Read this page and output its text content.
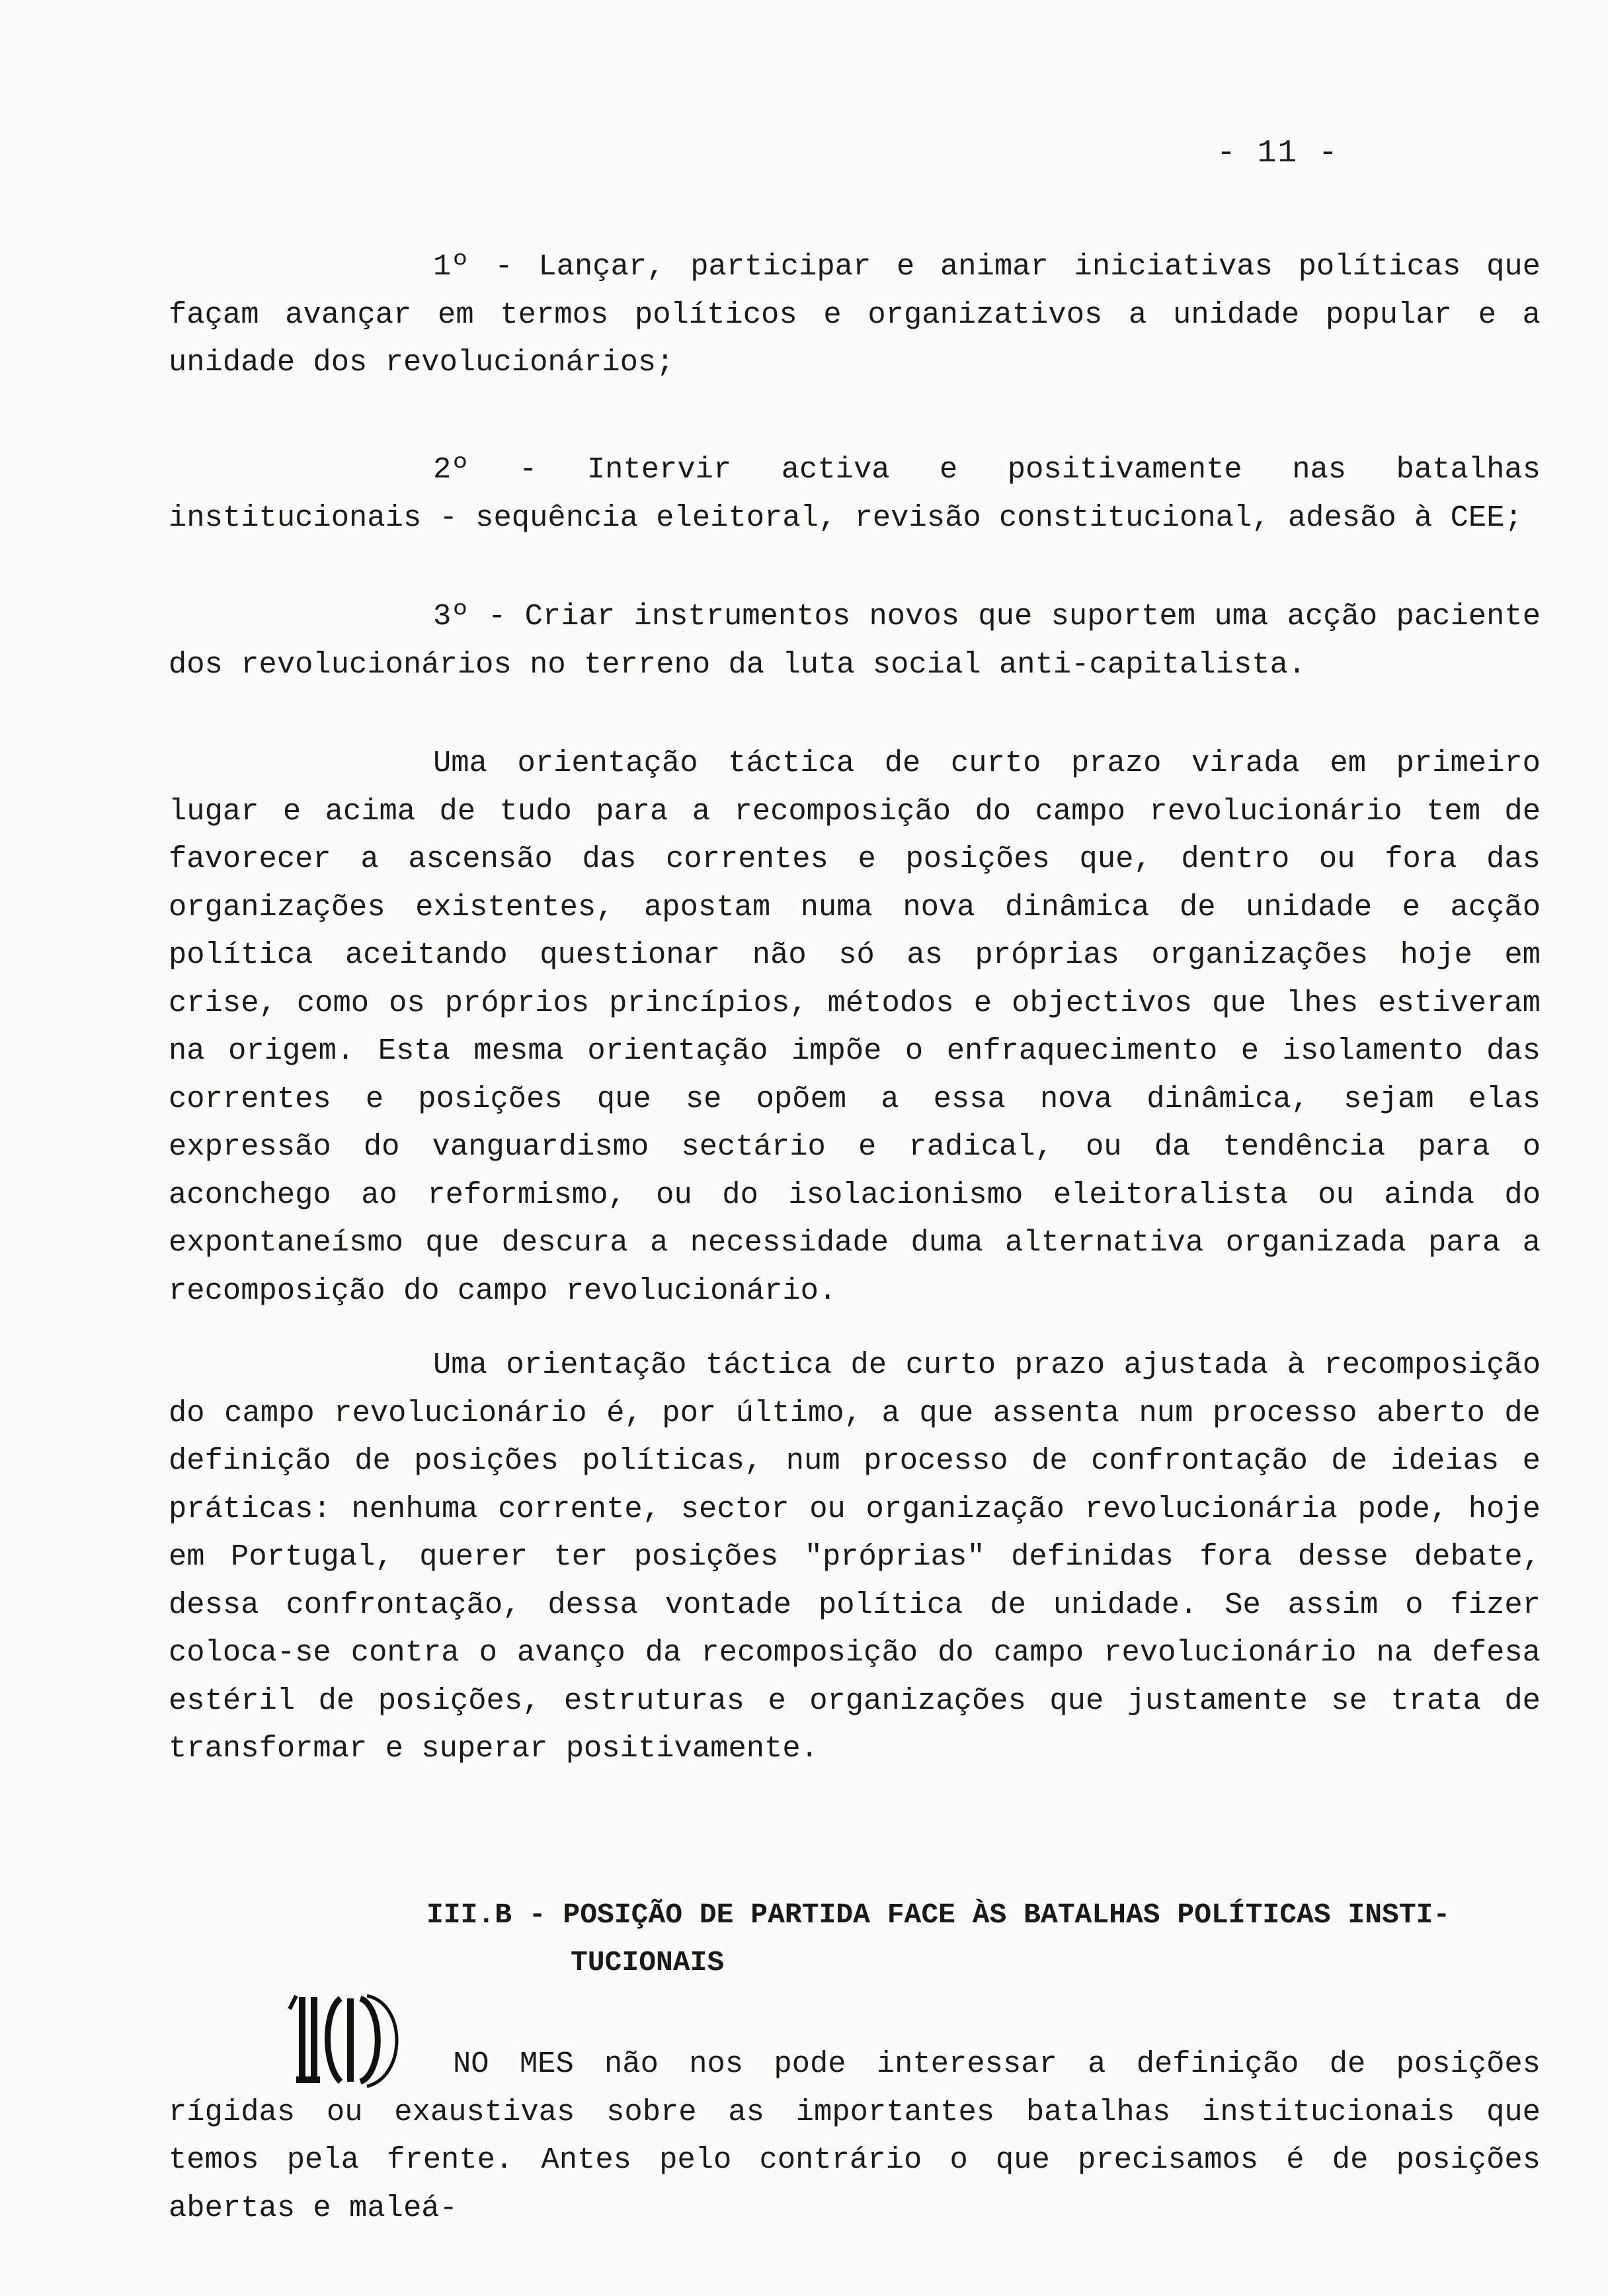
- 11 -

1º - Lançar, participar e animar iniciativas políticas que façam avançar em termos políticos e organizativos a unidade popular e a unidade dos revolucionários;

2º - Intervir activa e positivamente nas batalhas institucionais - sequência eleitoral, revisão constitucional, adesão à CEE;

3º - Criar instrumentos novos que suportem uma acção paciente dos revolucionários no terreno da luta social anti-capitalista.

Uma orientação táctica de curto prazo virada em primeiro lugar e acima de tudo para a recomposição do campo revolucionário tem de favorecer a ascensão das correntes e posições que, dentro ou fora das organizações existentes, apostam numa nova dinâmica de unidade e acção política aceitando questionar não só as próprias organizações hoje em crise, como os próprios princípios, métodos e objectivos que lhes estiveram na origem. Esta mesma orientação impõe o enfraquecimento e isolamento das correntes e posições que se opõem a essa nova dinâmica, sejam elas expressão do vanguardismo sectário e radical, ou da tendência para o aconchego ao reformismo, ou do isolacionismo eleitoralista ou ainda do expontaneísmo que descura a necessidade duma alternativa organizada para a recomposição do campo revolucionário.

Uma orientação táctica de curto prazo ajustada à recomposição do campo revolucionário é, por último, a que assenta num processo aberto de definição de posições políticas, num processo de confrontação de ideias e práticas: nenhuma corrente, sector ou organização revolucionária pode, hoje em Portugal, querer ter posições "próprias" definidas fora desse debate, dessa confrontação, dessa vontade política de unidade. Se assim o fizer coloca-se contra o avanço da recomposição do campo revolucionário na defesa estéril de posições, estruturas e organizações que justamente se trata de transformar e superar positivamente.

III.B - POSIÇÃO DE PARTIDA FACE ÀS BATALHAS POLÍTICAS INSTI-
TUCIONAIS

NO MES não nos pode interessar a definição de posições rígidas ou exaustivas sobre as importantes batalhas institucionais que temos pela frente. Antes pelo contrário o que precisamos é de posições abertas e maleá-
